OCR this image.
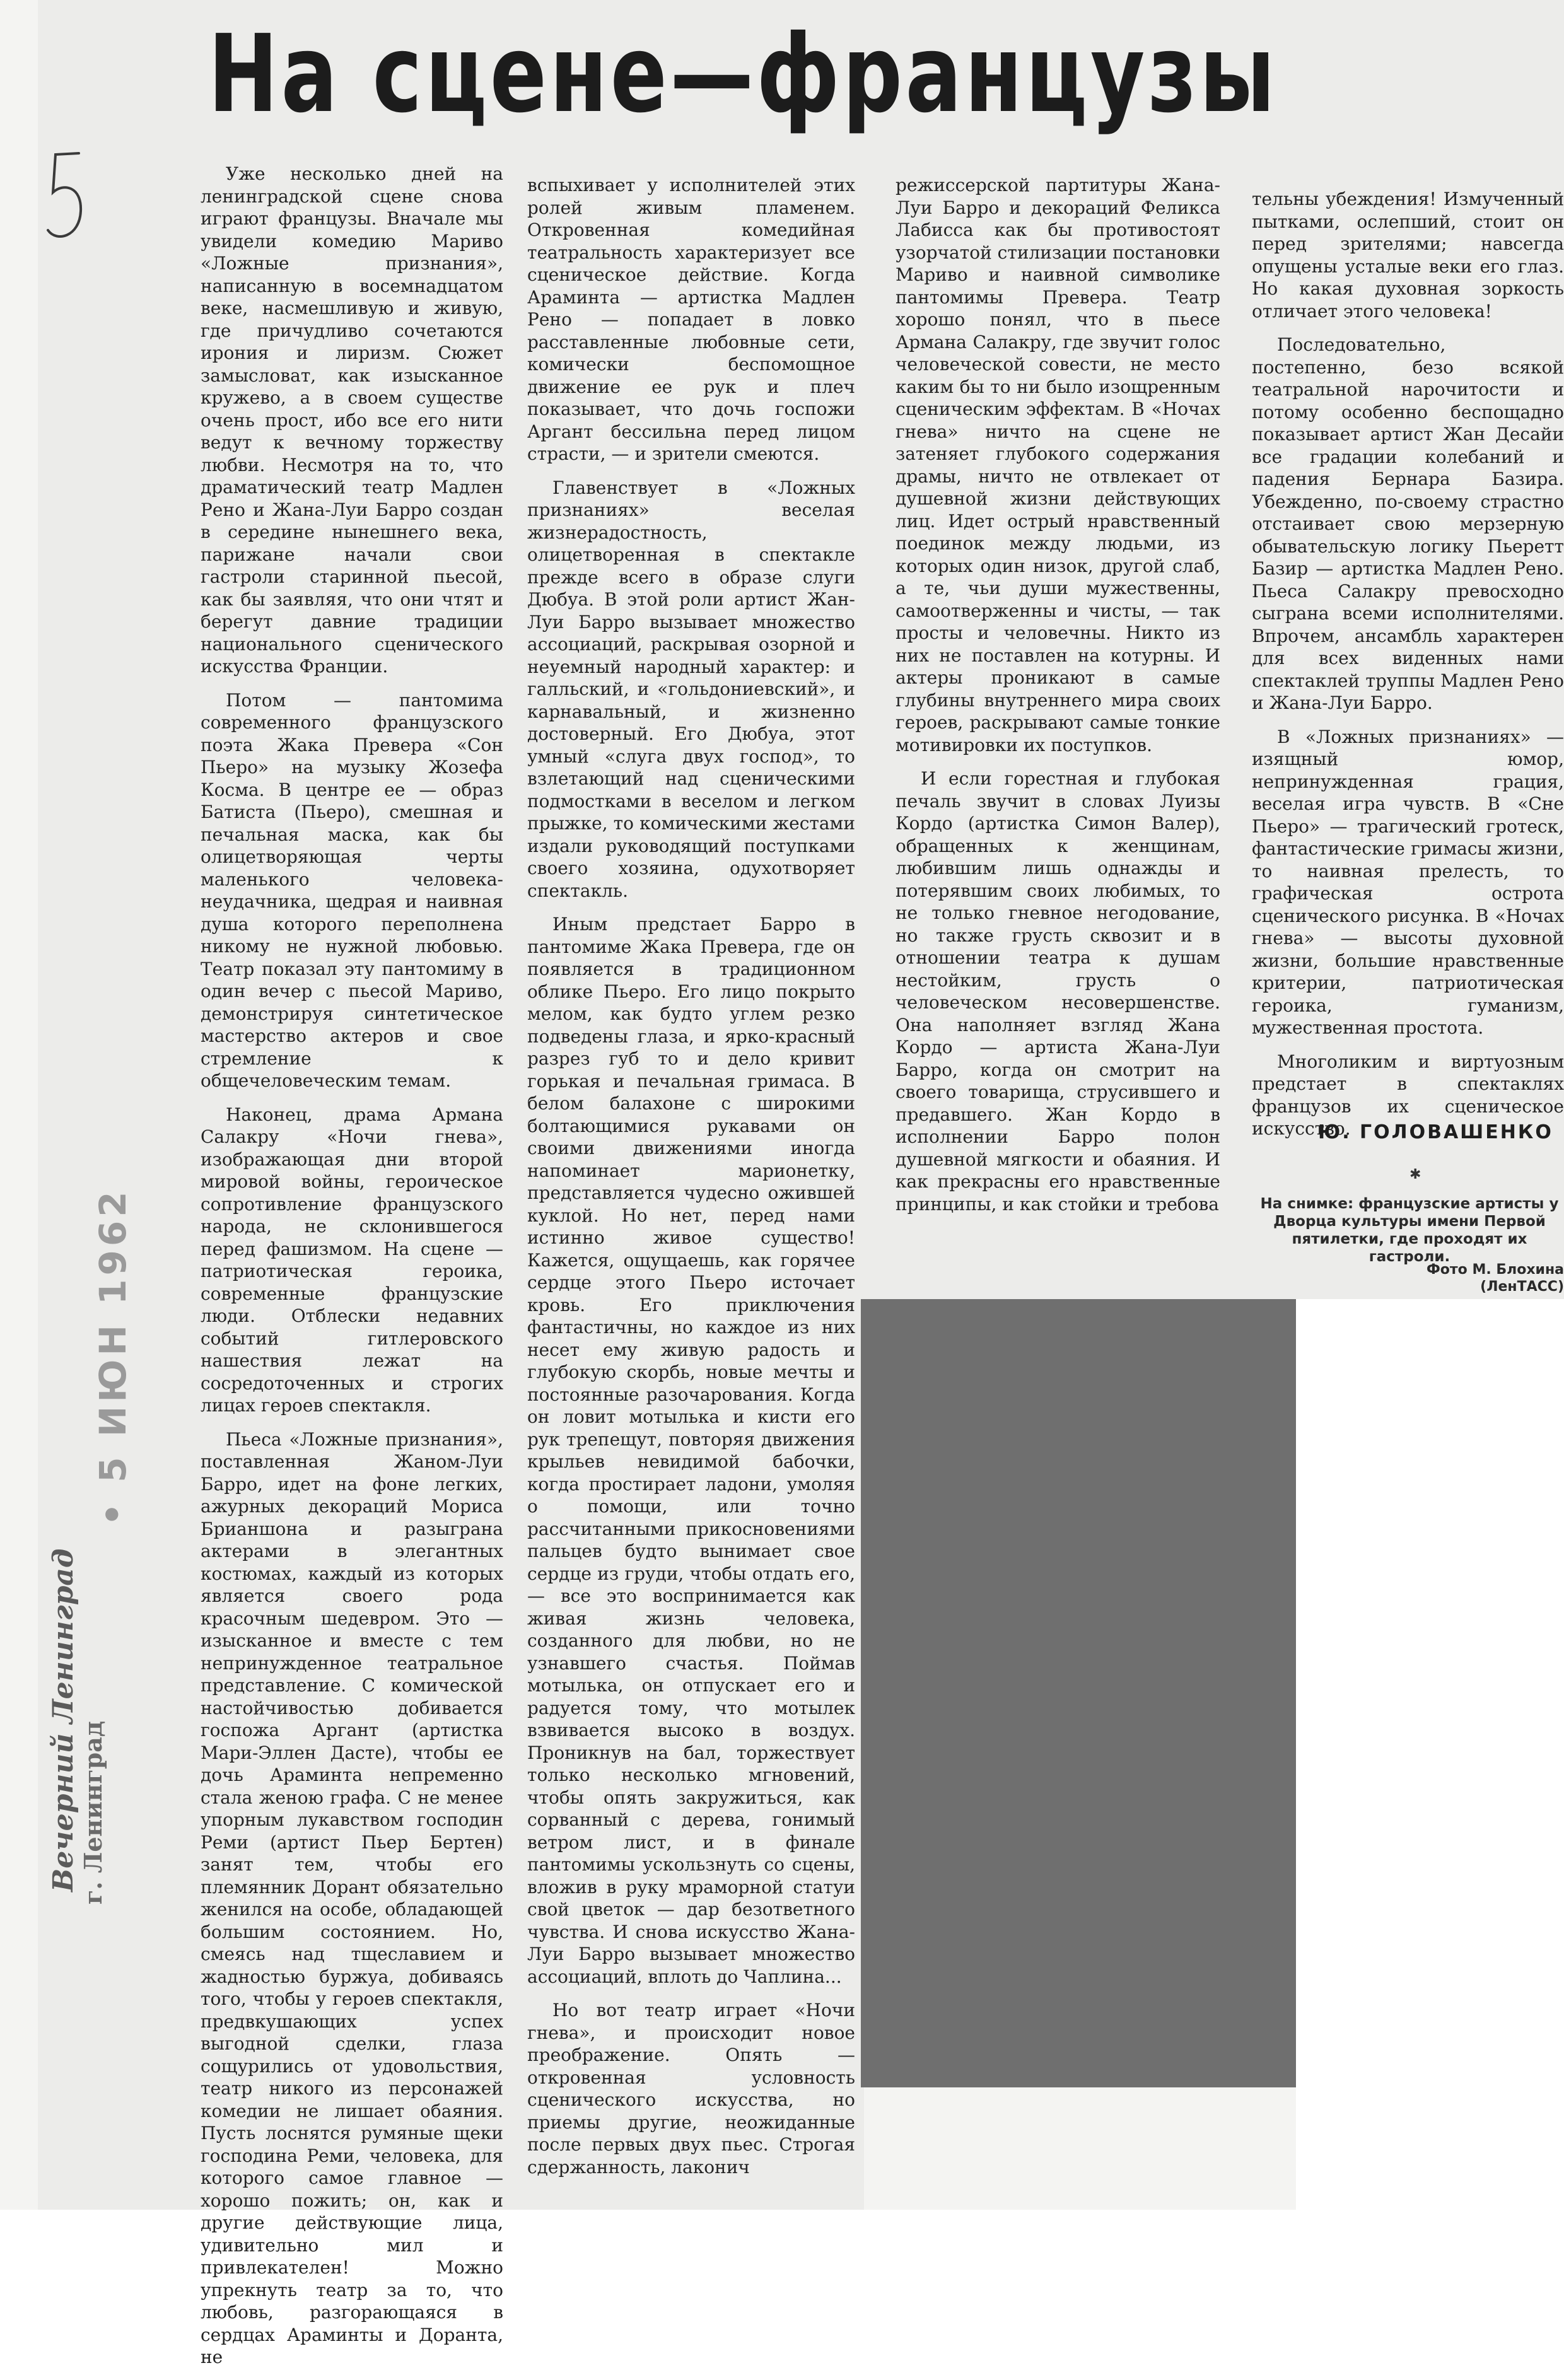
На сцене—французы

Уже несколько дней на ленинградской сцене снова играют французы. Вначале мы увидели комедию Мариво «Ложные признания», написанную в восемнадцатом веке, насмешливую и живую, где причудливо сочетаются ирония и лиризм. Сюжет замысловат, как изысканное кружево, а в своем существе очень прост, ибо все его нити ведут к вечному торжеству любви. Несмотря на то, что драматический театр Мадлен Рено и Жана-Луи Барро создан в середине нынешнего века, парижане начали свои гастроли старинной пьесой, как бы заявляя, что они чтят и берегут давние традиции национального сценического искусства Франции.

Потом — пантомима современного французского поэта Жака Превера «Сон Пьеро» на музыку Жозефа Косма. В центре ее — образ Батиста (Пьеро), смешная и печальная маска, как бы олицетворяющая черты маленького человека-неудачника, щедрая и наивная душа которого переполнена никому не нужной любовью. Театр показал эту пантомиму в один вечер с пьесой Мариво, демонстрируя синтетическое мастерство актеров и свое стремление к общечеловеческим темам.

Наконец, драма Армана Салакру «Ночи гнева», изображающая дни второй мировой войны, героическое сопротивление французского народа, не склонившегося перед фашизмом. На сцене — патриотическая героика, современные французские люди. Отблески недавних событий гитлеровского нашествия лежат на сосредоточенных и строгих лицах героев спектакля.

Пьеса «Ложные признания», поставленная Жаном-Луи Барро, идет на фоне легких, ажурных декораций Мориса Брианшона и разыграна актерами в элегантных костюмах, каждый из которых является своего рода красочным шедевром. Это — изысканное и вместе с тем непринужденное театральное представление. С комической настойчивостью добивается госпожа Аргант (артистка Мари-Эллен Дасте), чтобы ее дочь Араминта непременно стала женою графа. С не менее упорным лукавством господин Реми (артист Пьер Бертен) занят тем, чтобы его племянник Дорант обязательно женился на особе, обладающей большим состоянием. Но, смеясь над тщеславием и жадностью буржуа, добиваясь того, чтобы у героев спектакля, предвкушающих успех выгодной сделки, глаза сощурились от удовольствия, театр никого из персонажей комедии не лишает обаяния. Пусть лоснятся румяные щеки господина Реми, человека, для которого самое главное — хорошо пожить; он, как и другие действующие лица, удивительно мил и привлекателен! Можно упрекнуть театр за то, что любовь, разгорающаяся в сердцах Араминты и Доранта, не

вспыхивает у исполнителей этих ролей живым пламенем. Откровенная комедийная театральность характеризует все сценическое действие. Когда Араминта — артистка Мадлен Рено — попадает в ловко расставленные любовные сети, комически беспомощное движение ее рук и плеч показывает, что дочь госпожи Аргант бессильна перед лицом страсти, — и зрители смеются.

Главенствует в «Ложных признаниях» веселая жизнерадостность, олицетворенная в спектакле прежде всего в образе слуги Дюбуа. В этой роли артист Жан-Луи Барро вызывает множество ассоциаций, раскрывая озорной и неуемный народный характер: и галльский, и «гольдониевский», и карнавальный, и жизненно достоверный. Его Дюбуа, этот умный «слуга двух господ», то взлетающий над сценическими подмостками в веселом и легком прыжке, то комическими жестами издали руководящий поступками своего хозяина, одухотворяет спектакль.

Иным предстает Барро в пантомиме Жака Превера, где он появляется в традиционном облике Пьеро. Его лицо покрыто мелом, как будто углем резко подведены глаза, и ярко-красный разрез губ то и дело кривит горькая и печальная гримаса. В белом балахоне с широкими болтающимися рукавами он своими движениями иногда напоминает марионетку, представляется чудесно ожившей куклой. Но нет, перед нами истинно живое существо! Кажется, ощущаешь, как горячее сердце этого Пьеро источает кровь. Его приключения фантастичны, но каждое из них несет ему живую радость и глубокую скорбь, новые мечты и постоянные разочарования. Когда он ловит мотылька и кисти его рук трепещут, повторяя движения крыльев невидимой бабочки, когда простирает ладони, умоляя о помощи, или точно рассчитанными прикосновениями пальцев будто вынимает свое сердце из груди, чтобы отдать его, — все это воспринимается как живая жизнь человека, созданного для любви, но не узнавшего счастья. Поймав мотылька, он отпускает его и радуется тому, что мотылек взвивается высоко в воздух. Проникнув на бал, торжествует только несколько мгновений, чтобы опять закружиться, как сорванный с дерева, гонимый ветром лист, и в финале пантомимы ускользнуть со сцены, вложив в руку мраморной статуи свой цветок — дар безответного чувства. И снова искусство Жана-Луи Барро вызывает множество ассоциаций, вплоть до Чаплина...

Но вот театр играет «Ночи гнева», и происходит новое преображение. Опять — откровенная условность сценического искусства, но приемы другие, неожиданные после первых двух пьес. Строгая сдержанность, лаконич

режиссерской партитуры Жана-Луи Барро и декораций Феликса Лабисса как бы противостоят узорчатой стилизации постановки Мариво и наивной символике пантомимы Превера. Театр хорошо понял, что в пьесе Армана Салакру, где звучит голос человеческой совести, не место каким бы то ни было изощренным сценическим эффектам. В «Ночах гнева» ничто на сцене не затеняет глубокого содержания драмы, ничто не отвлекает от душевной жизни действующих лиц. Идет острый нравственный поединок между людьми, из которых один низок, другой слаб, а те, чьи души мужественны, самоотверженны и чисты, — так просты и человечны. Никто из них не поставлен на котурны. И актеры проникают в самые глубины внутреннего мира своих героев, раскрывают самые тонкие мотивировки их поступков.

И если горестная и глубокая печаль звучит в словах Луизы Кордо (артистка Симон Валер), обращенных к женщинам, любившим лишь однажды и потерявшим своих любимых, то не только гневное негодование, но также грусть сквозит и в отношении театра к душам нестойким, грусть о человеческом несовершенстве. Она наполняет взгляд Жана Кордо — артиста Жана-Луи Барро, когда он смотрит на своего товарища, струсившего и предавшего. Жан Кордо в исполнении Барро полон душевной мягкости и обаяния. И как прекрасны его нравственные принципы, и как стойки и требова

тельны убеждения! Измученный пытками, ослепший, стоит он перед зрителями; навсегда опущены усталые веки его глаз. Но какая духовная зоркость отличает этого человека!

Последовательно, постепенно, безо всякой театральной нарочитости и потому особенно беспощадно показывает артист Жан Десайи все градации колебаний и падения Бернара Базира. Убежденно, по-своему страстно отстаивает свою мерзерную обывательскую логику Пьеретт Базир — артистка Мадлен Рено. Пьеса Салакру превосходно сыграна всеми исполнителями. Впрочем, ансамбль характерен для всех виденных нами спектаклей труппы Мадлен Рено и Жана-Луи Барро.

В «Ложных признаниях» — изящный юмор, непринужденная грация, веселая игра чувств. В «Сне Пьеро» — трагический гротеск, фантастические гримасы жизни, то наивная прелесть, то графическая острота сценического рисунка. В «Ночах гнева» — высоты духовной жизни, большие нравственные критерии, патриотическая героика, гуманизм, мужественная простота.

Многоликим и виртуозным предстает в спектаклях французов их сценическое искусство.

Ю. ГОЛОВАШЕНКО
✱
На снимке: французские артисты у Дворца культуры имени Первой пятилетки, где проходят их гастроли.
Фото М. Блохина
(ЛенТАСС)
• 5 ИЮН 1962
Вечерний Ленинград г. Ленинград
